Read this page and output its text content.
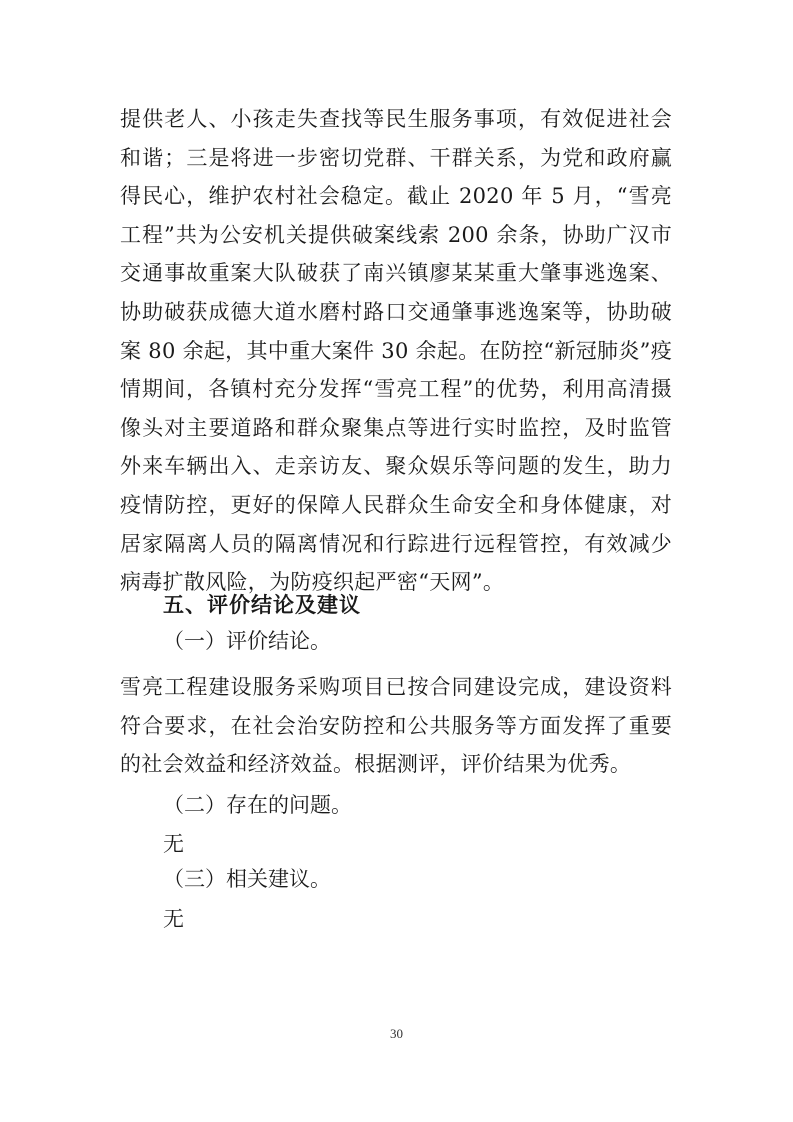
提供老人、小孩走失查找等民生服务事项，有效促进社会和谐；三是将进一步密切党群、干群关系，为党和政府赢得民心，维护农村社会稳定。截止 2020 年 5 月，“雪亮工程”共为公安机关提供破案线索 200 余条，协助广汉市交通事故重案大队破获了南兴镇廖某某重大肇事逃逸案、协助破获成德大道水磨村路口交通肇事逃逸案等，协助破案 80 余起，其中重大案件 30 余起。在防控“新冠肺炎”疫情期间，各镇村充分发挥“雪亮工程”的优势，利用高清摄像头对主要道路和群众聚集点等进行实时监控，及时监管外来车辆出入、走亲访友、聚众娱乐等问题的发生，助力疫情防控，更好的保障人民群众生命安全和身体健康，对居家隔离人员的隔离情况和行踪进行远程管控，有效减少病毒扩散风险，为防疫织起严密“天网”。

五、评价结论及建议

（一）评价结论。

雪亮工程建设服务采购项目已按合同建设完成，建设资料符合要求，在社会治安防控和公共服务等方面发挥了重要的社会效益和经济效益。根据测评，评价结果为优秀。

（二）存在的问题。

无

（三）相关建议。

无

30
